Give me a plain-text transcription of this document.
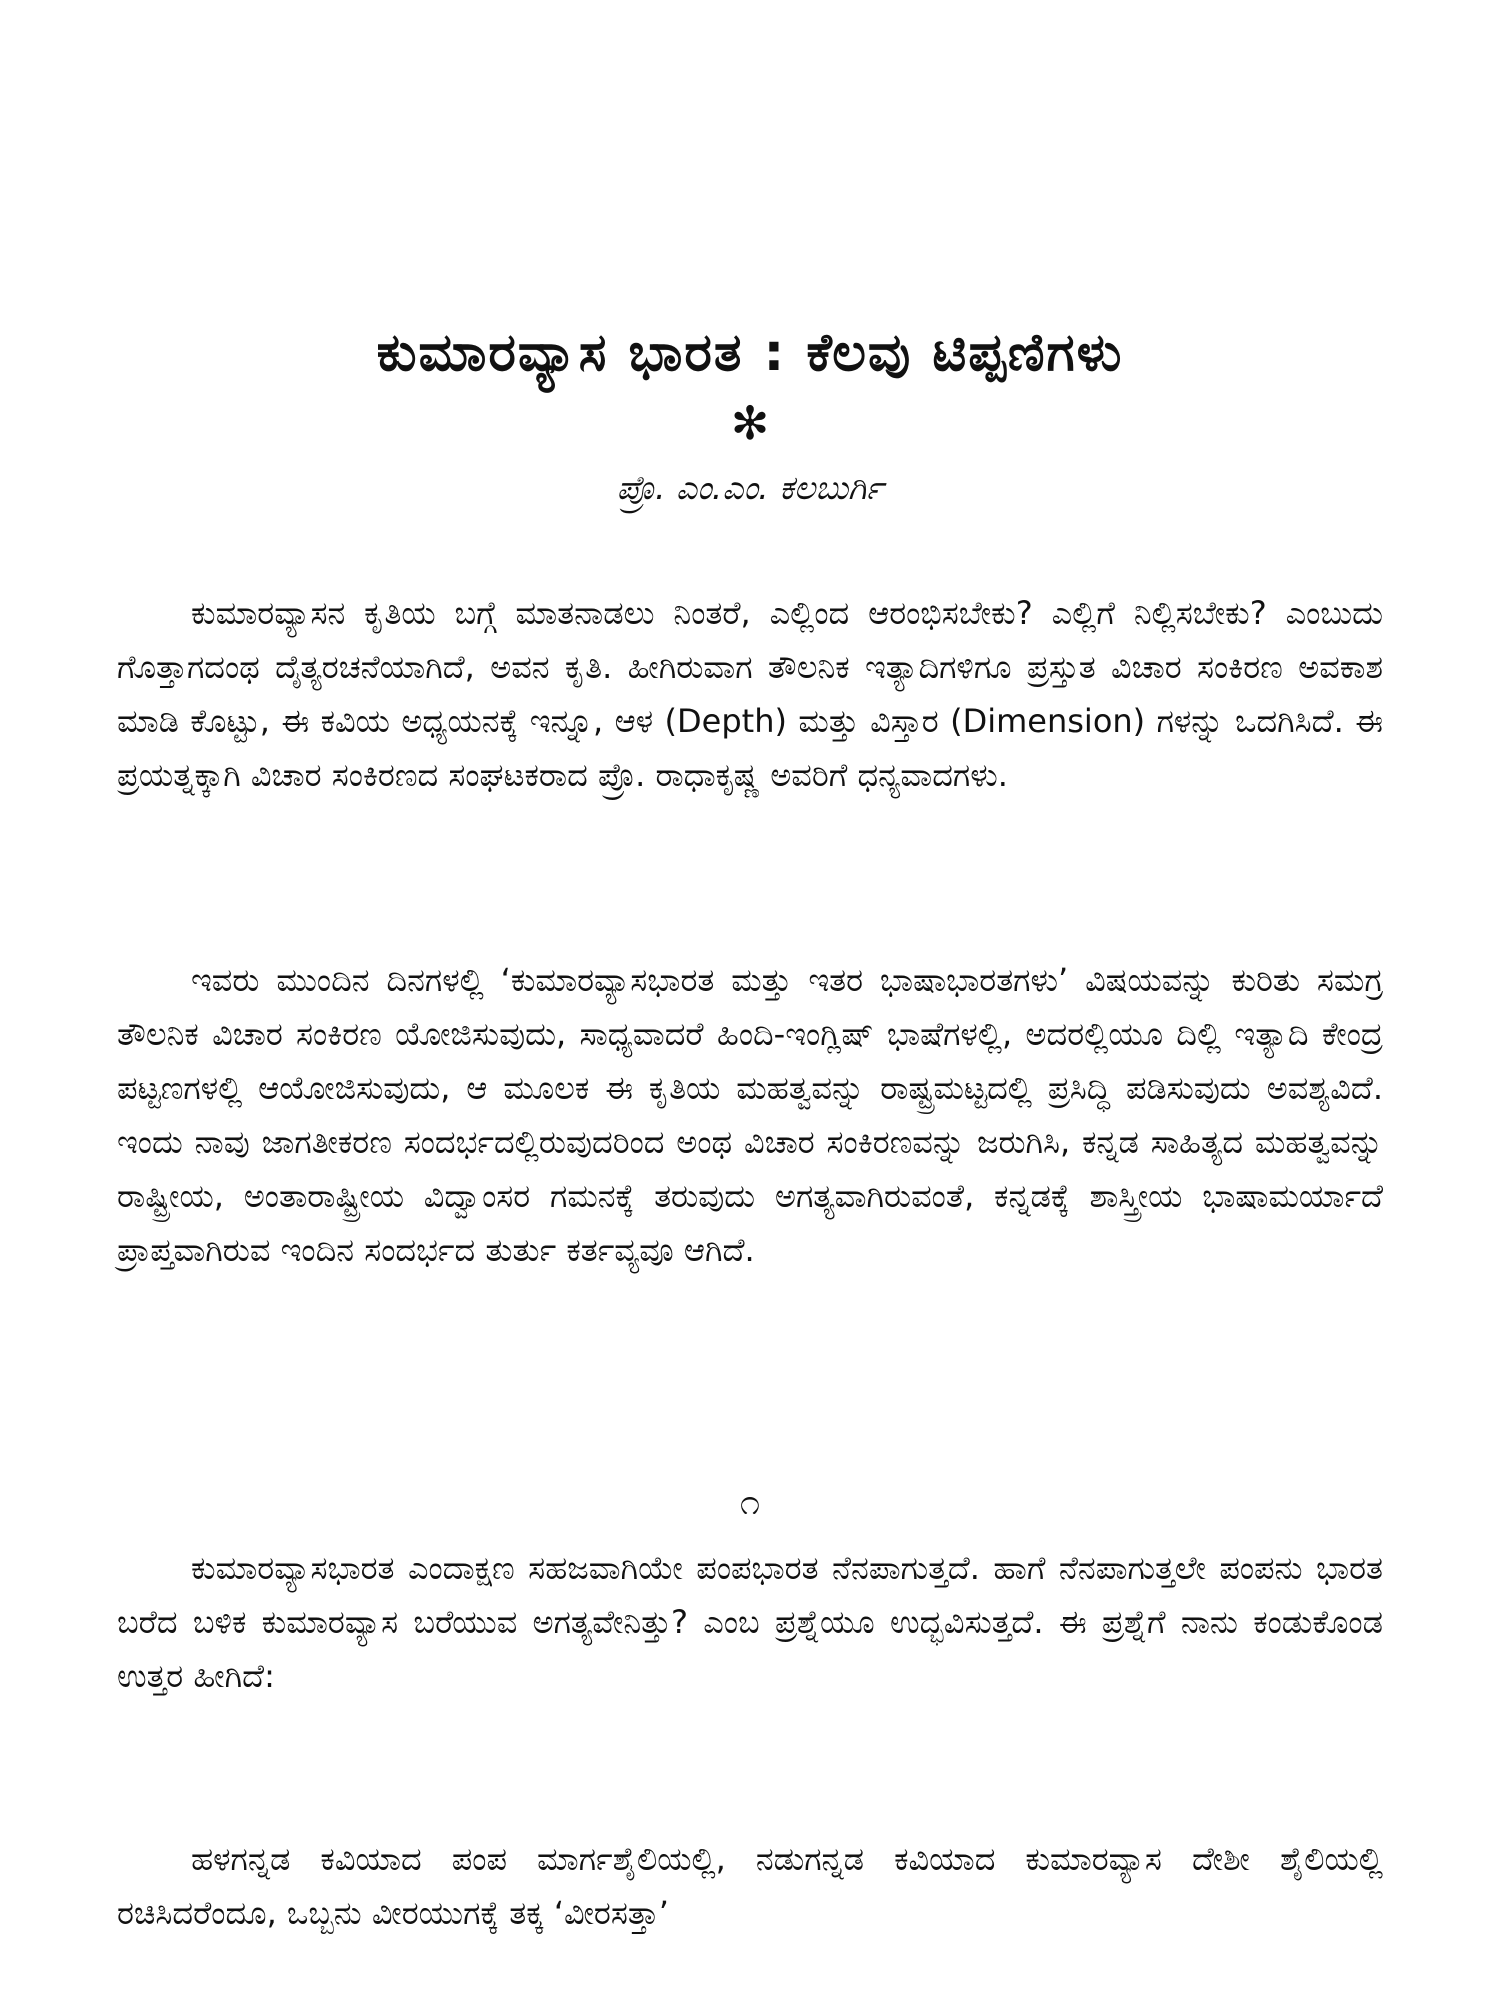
ಕುಮಾರವ್ಯಾಸ ಭಾರತ : ಕೆಲವು ಟಿಪ್ಪಣಿಗಳು
✻
ಪ್ರೊ. ಎಂ.ಎಂ. ಕಲಬುರ್ಗಿ

ಕುಮಾರವ್ಯಾಸನ ಕೃತಿಯ ಬಗ್ಗೆ ಮಾತನಾಡಲು ನಿಂತರೆ, ಎಲ್ಲಿಂದ ಆರಂಭಿಸಬೇಕು? ಎಲ್ಲಿಗೆ ನಿಲ್ಲಿಸಬೇಕು? ಎಂಬುದು ಗೊತ್ತಾಗದಂಥ ದೈತ್ಯರಚನೆಯಾಗಿದೆ, ಅವನ ಕೃತಿ. ಹೀಗಿರುವಾಗ ತೌಲನಿಕ ಇತ್ಯಾದಿಗಳಿಗೂ ಪ್ರಸ್ತುತ ವಿಚಾರ ಸಂಕಿರಣ ಅವಕಾಶ ಮಾಡಿ ಕೊಟ್ಟು, ಈ ಕವಿಯ ಅಧ್ಯಯನಕ್ಕೆ ಇನ್ನೂ, ಆಳ (Depth) ಮತ್ತು ವಿಸ್ತಾರ (Dimension) ಗಳನ್ನು ಒದಗಿಸಿದೆ. ಈ ಪ್ರಯತ್ನಕ್ಕಾಗಿ ವಿಚಾರ ಸಂಕಿರಣದ ಸಂಘಟಕರಾದ ಪ್ರೊ. ರಾಧಾಕೃಷ್ಣ ಅವರಿಗೆ ಧನ್ಯವಾದಗಳು.

ಇವರು ಮುಂದಿನ ದಿನಗಳಲ್ಲಿ ‘ಕುಮಾರವ್ಯಾಸಭಾರತ ಮತ್ತು ಇತರ ಭಾಷಾಭಾರತಗಳು’ ವಿಷಯವನ್ನು ಕುರಿತು ಸಮಗ್ರ ತೌಲನಿಕ ವಿಚಾರ ಸಂಕಿರಣ ಯೋಜಿಸುವುದು, ಸಾಧ್ಯವಾದರೆ ಹಿಂದಿ-ಇಂಗ್ಲಿಷ್ ಭಾಷೆಗಳಲ್ಲಿ, ಅದರಲ್ಲಿಯೂ ದಿಲ್ಲಿ ಇತ್ಯಾದಿ ಕೇಂದ್ರ ಪಟ್ಟಣಗಳಲ್ಲಿ ಆಯೋಜಿಸುವುದು, ಆ ಮೂಲಕ ಈ ಕೃತಿಯ ಮಹತ್ವವನ್ನು ರಾಷ್ಟ್ರಮಟ್ಟದಲ್ಲಿ ಪ್ರಸಿದ್ಧಿ ಪಡಿಸುವುದು ಅವಶ್ಯವಿದೆ. ಇಂದು ನಾವು ಜಾಗತೀಕರಣ ಸಂದರ್ಭದಲ್ಲಿರುವುದರಿಂದ ಅಂಥ ವಿಚಾರ ಸಂಕಿರಣವನ್ನು ಜರುಗಿಸಿ, ಕನ್ನಡ ಸಾಹಿತ್ಯದ ಮಹತ್ವವನ್ನು ರಾಷ್ಟ್ರೀಯ, ಅಂತಾರಾಷ್ಟ್ರೀಯ ವಿದ್ವಾಂಸರ ಗಮನಕ್ಕೆ ತರುವುದು ಅಗತ್ಯವಾಗಿರುವಂತೆ, ಕನ್ನಡಕ್ಕೆ ಶಾಸ್ತ್ರೀಯ ಭಾಷಾಮರ್ಯಾದೆ ಪ್ರಾಪ್ತವಾಗಿರುವ ಇಂದಿನ ಸಂದರ್ಭದ ತುರ್ತು ಕರ್ತವ್ಯವೂ ಆಗಿದೆ.

೧

ಕುಮಾರವ್ಯಾಸಭಾರತ ಎಂದಾಕ್ಷಣ ಸಹಜವಾಗಿಯೇ ಪಂಪಭಾರತ ನೆನಪಾಗುತ್ತದೆ. ಹಾಗೆ ನೆನಪಾಗುತ್ತಲೇ ಪಂಪನು ಭಾರತ ಬರೆದ ಬಳಿಕ ಕುಮಾರವ್ಯಾಸ ಬರೆಯುವ ಅಗತ್ಯವೇನಿತ್ತು? ಎಂಬ ಪ್ರಶ್ನೆಯೂ ಉದ್ಭವಿಸುತ್ತದೆ. ಈ ಪ್ರಶ್ನೆಗೆ ನಾನು ಕಂಡುಕೊಂಡ ಉತ್ತರ ಹೀಗಿದೆ:

ಹಳಗನ್ನಡ ಕವಿಯಾದ ಪಂಪ ಮಾರ್ಗಶೈಲಿಯಲ್ಲಿ, ನಡುಗನ್ನಡ ಕವಿಯಾದ ಕುಮಾರವ್ಯಾಸ ದೇಶೀ ಶೈಲಿಯಲ್ಲಿ ರಚಿಸಿದರೆಂದೂ, ಒಬ್ಬನು ವೀರಯುಗಕ್ಕೆ ತಕ್ಕ ‘ವೀರಸತ್ತಾ’
